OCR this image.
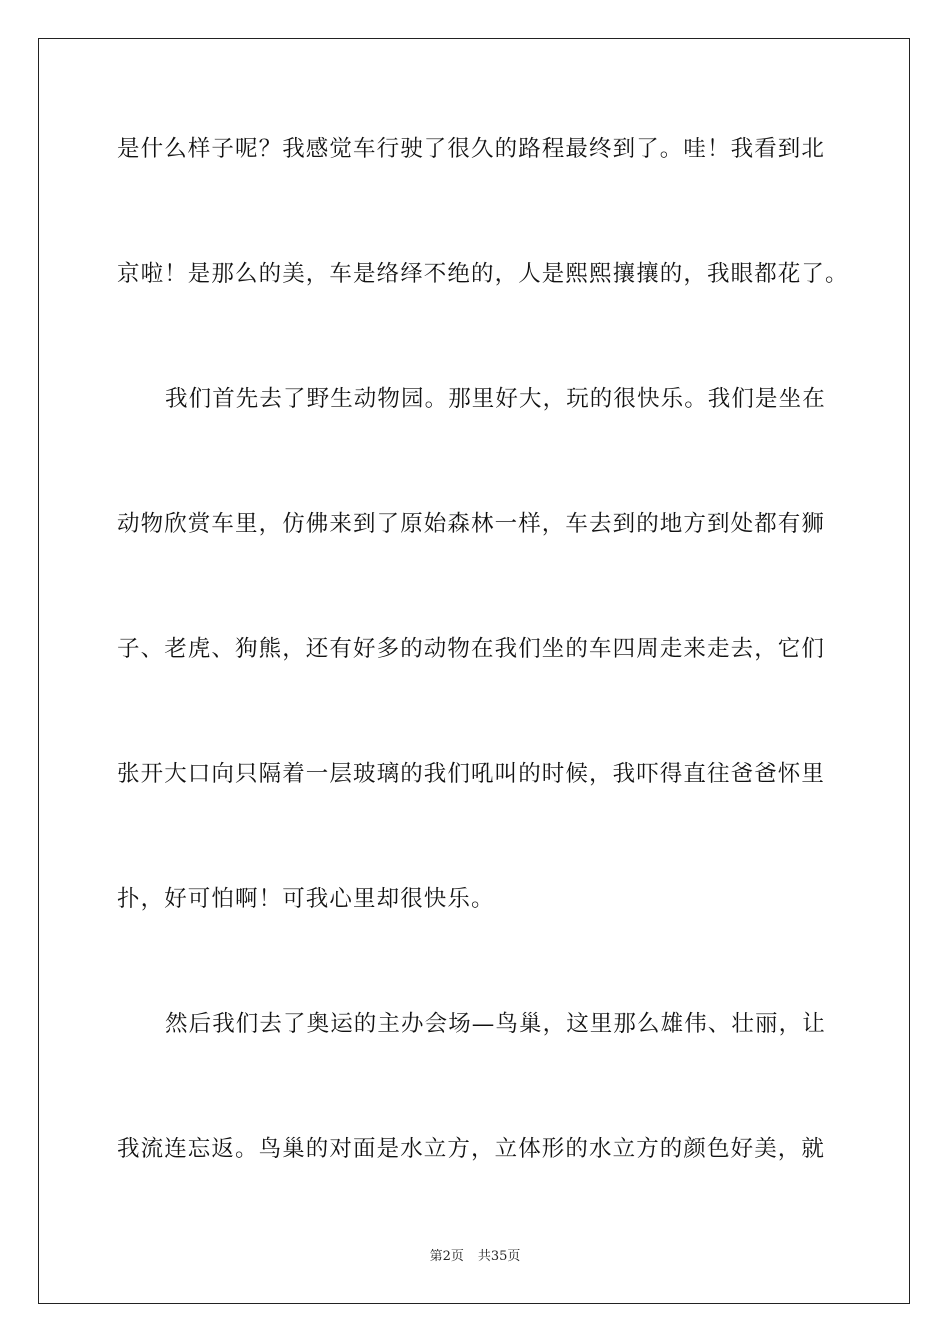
是什么样子呢？我感觉车行驶了很久的路程最终到了。哇！我看到北
京啦！是那么的美，车是络绎不绝的，人是熙熙攘攘的，我眼都花了。
我们首先去了野生动物园。那里好大，玩的很快乐。我们是坐在
动物欣赏车里，仿佛来到了原始森林一样，车去到的地方到处都有狮
子、老虎、狗熊，还有好多的动物在我们坐的车四周走来走去，它们
张开大口向只隔着一层玻璃的我们吼叫的时候，我吓得直往爸爸怀里
扑，好可怕啊！可我心里却很快乐。
然后我们去了奥运的主办会场—鸟巢，这里那么雄伟、壮丽，让
我流连忘返。鸟巢的对面是水立方，立体形的水立方的颜色好美，就
第2页 共35页
